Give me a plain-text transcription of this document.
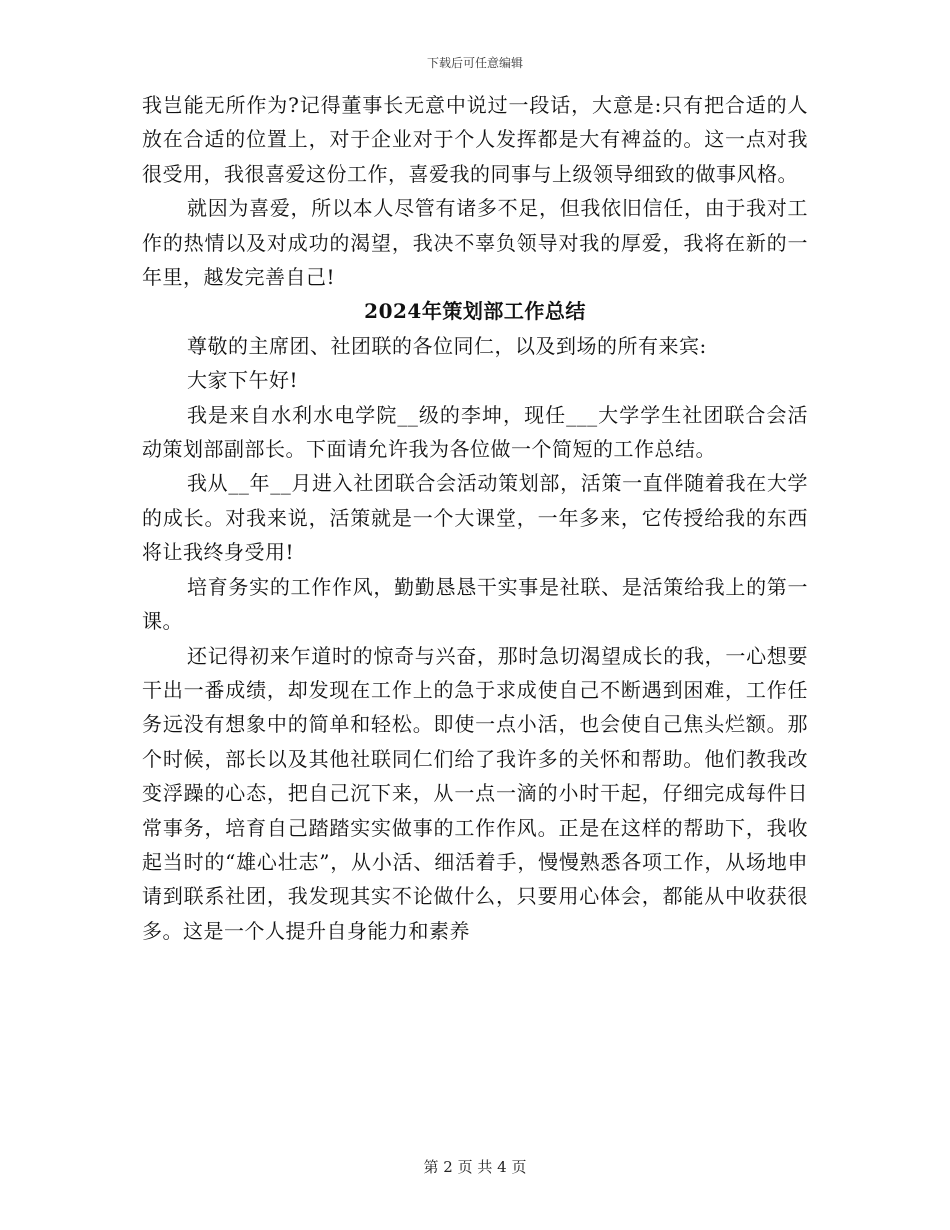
下载后可任意编辑

我岂能无所作为?记得董事长无意中说过一段话，大意是:只有把合适的人放在合适的位置上，对于企业对于个人发挥都是大有裨益的。这一点对我很受用，我很喜爱这份工作，喜爱我的同事与上级领导细致的做事风格。

就因为喜爱，所以本人尽管有诸多不足，但我依旧信任，由于我对工作的热情以及对成功的渴望，我决不辜负领导对我的厚爱，我将在新的一年里，越发完善自己!

2024年策划部工作总结

尊敬的主席团、社团联的各位同仁，以及到场的所有来宾:

大家下午好!

我是来自水利水电学院__级的李坤，现任___大学学生社团联合会活动策划部副部长。下面请允许我为各位做一个简短的工作总结。

我从__年__月进入社团联合会活动策划部，活策一直伴随着我在大学的成长。对我来说，活策就是一个大课堂，一年多来，它传授给我的东西将让我终身受用!

培育务实的工作作风，勤勤恳恳干实事是社联、是活策给我上的第一课。

还记得初来乍道时的惊奇与兴奋，那时急切渴望成长的我，一心想要干出一番成绩，却发现在工作上的急于求成使自己不断遇到困难，工作任务远没有想象中的简单和轻松。即使一点小活，也会使自己焦头烂额。那个时候，部长以及其他社联同仁们给了我许多的关怀和帮助。他们教我改变浮躁的心态，把自己沉下来，从一点一滴的小时干起，仔细完成每件日常事务，培育自己踏踏实实做事的工作作风。正是在这样的帮助下，我收起当时的“雄心壮志”，从小活、细活着手，慢慢熟悉各项工作，从场地申请到联系社团，我发现其实不论做什么，只要用心体会，都能从中收获很多。这是一个人提升自身能力和素养

第 2 页 共 4 页
